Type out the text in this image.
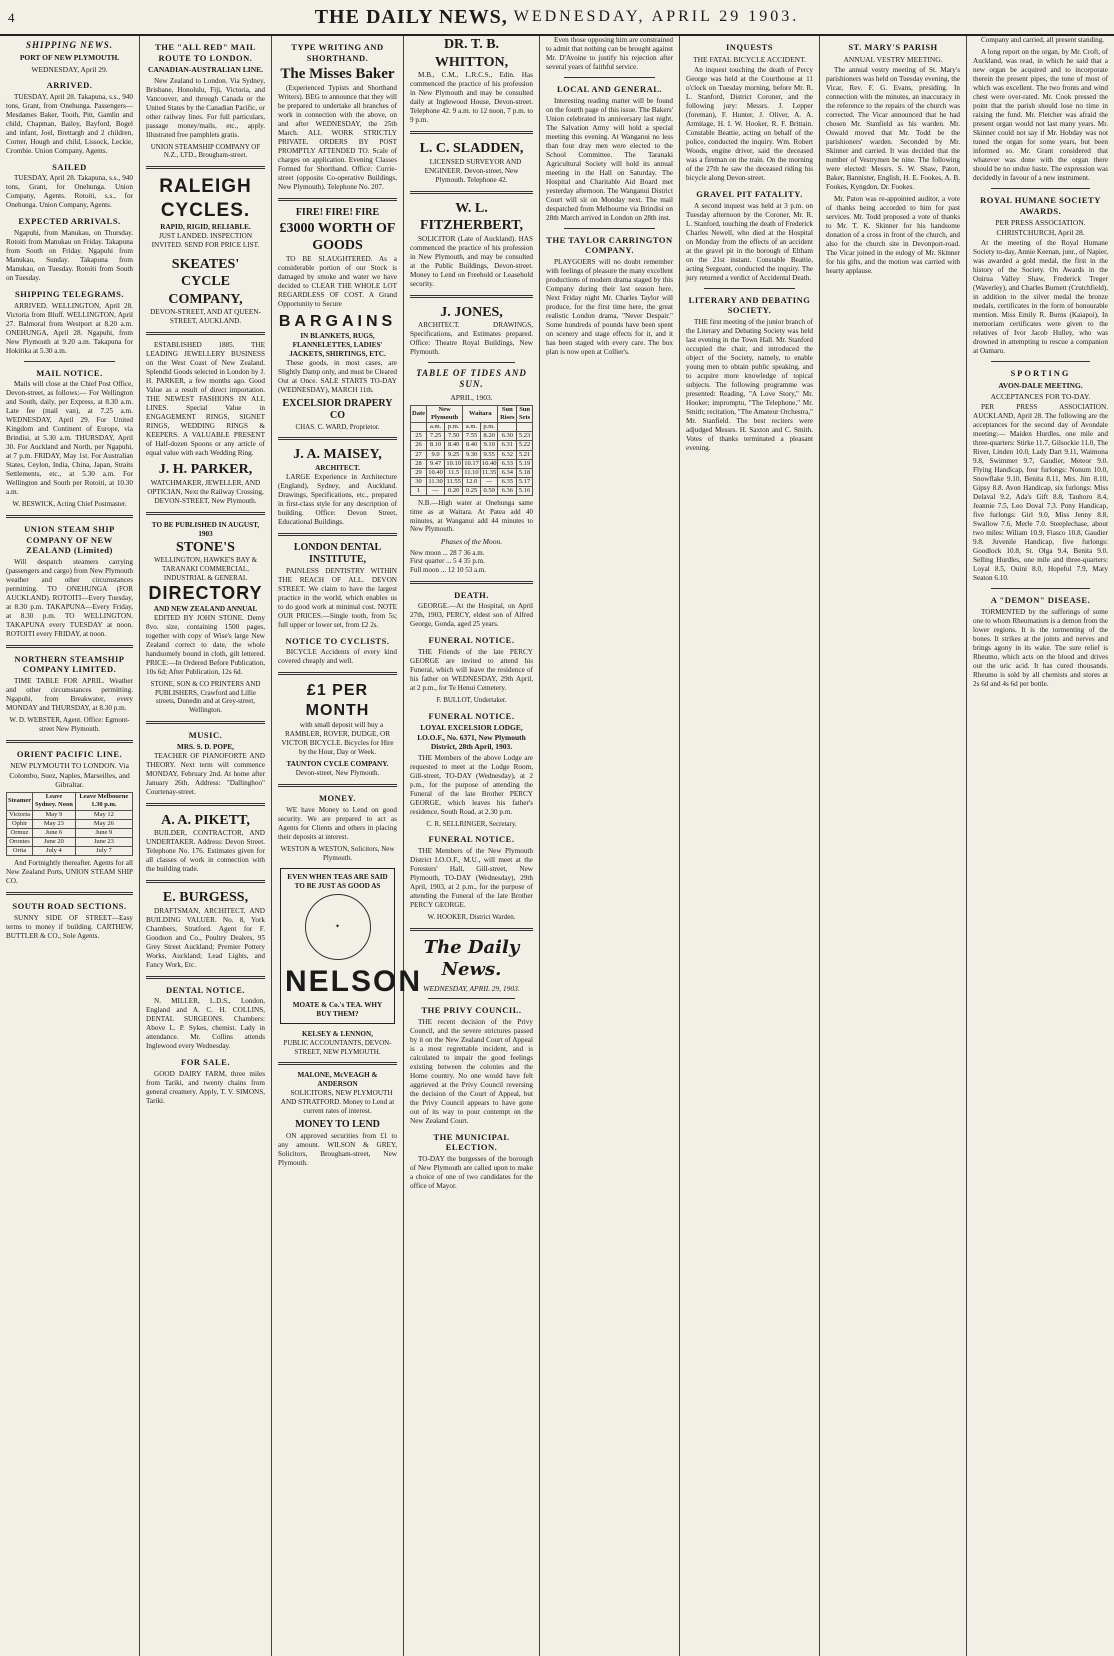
4	THE DAILY NEWS, WEDNESDAY, APRIL 29 1903.
SHIPPING NEWS.
PORT OF NEW PLYMOUTH.
WEDNESDAY, April 29.
ARRIVED.

TUESDAY, April 28. Takapuna, s.s., 940 tons, Grant, from Onehunga. Passengers—Mesdames Baker, Tooth, Pitt, Gamlin and child, Chapman, Bailey, Bayford, Bogel and infant, Joel, Brettargh and 2 children, Corner, Hough and child, Lissock, Leckie, Crombie. Union Company, Agents.

SAILED

TUESDAY, April 28. Takapuna, s.s., 940 tons, Grant, for Onehunga. Union Company, Agents. Rotoiti, s.s., for Onehunga. Union Company, Agents.

EXPECTED ARRIVALS.

Ngapuhi, from Manukau, on Thursday. Rotoiti from Manukau on Friday. Takapuna from South on Friday. Ngapuhi from Manukau, Sunday. Takapuna from Manukau, on Tuesday. Rotoiti from South on Tuesday.

SHIPPING TELEGRAMS.

ARRIVED. WELLINGTON, April 28. Victoria from Bluff. WELLINGTON, April 27. Balmoral from Westport at 8.20 a.m. ONEHUNGA, April 28. Ngapuhi, from New Plymouth at 9.20 a.m. Takapuna for Hokitika at 5.30 a.m.

MAIL NOTICE.

Mails will close at the Chief Post Office, Devon-street, as follows:— For Wellington and South, daily, per Express, at 8.30 a.m. Late fee (mail van), at 7.25 a.m. WEDNESDAY, April 29. For United Kingdom and Continent of Europe, via Brindisi, at 5.30 a.m. THURSDAY, April 30. For Auckland and North, per Ngapuhi, at 7 p.m. FRIDAY, May 1st. For Australian States, Ceylon, India, China, Japan, Straits Settlements, etc., at 5.30 a.m. For Wellington and South per Rotoiti, at 10.30 a.m.

W. BESWICK, Acting Chief Postmaster.
UNION STEAM SHIP COMPANY OF NEW ZEALAND (Limited)

Will despatch steamers carrying (passengers and cargo) from New Plymouth weather and other circumstances permitting. TO ONEHUNGA (FOR AUCKLAND). ROTOITI—Every Tuesday, at 8.30 p.m. TAKAPUNA—Every Friday, at 8.30 p.m. TO WELLINGTON. TAKAPUNA every TUESDAY at noon. ROTOITI every FRIDAY, at noon.

NORTHERN STEAMSHIP COMPANY LIMITED.

TIME TABLE FOR APRIL. Weather and other circumstances permitting. Ngapuhi, from Breakwater, every MONDAY and THURSDAY, at 8.30 p.m.

W. D. WEBSTER, Agent. Office: Egmont-street New Plymouth.
ORIENT PACIFIC LINE.
NEW PLYMOUTH TO LONDON. Via Colombo, Suez, Naples, Marseilles, and Gibraltar.
Steamer	Leave Sydney. Noon	Leave Melbourne 1.30 p.m.
Victoria	May 9	May 12
Ophir	May 23	May 26
Ormuz	June 6	June 9
Orontes	June 20	June 23
Orita	July 4	July 7

And Fortnightly thereafter. Agents for all New Zealand Ports, UNION STEAM SHIP CO.

SOUTH ROAD SECTIONS.

SUNNY SIDE OF STREET—Easy terms to money if building. CARTHEW, BUTTLER & CO., Sole Agents.

THE "ALL RED" MAIL ROUTE TO LONDON.
CANADIAN-AUSTRALIAN LINE.

New Zealand to London. Via Sydney, Brisbane, Honolulu, Fiji, Victoria, and Vancouver, and through Canada or the United States by the Canadian Pacific, or other railway lines. For full particulars, passage money/mails, etc., apply. Illustrated free pamphlets gratis.

UNION STEAMSHIP COMPANY OF N.Z., LTD., Brougham-street.
RALEIGH CYCLES.
RAPID, RIGID, RELIABLE.
JUST LANDED. INSPECTION INVITED. SEND FOR PRICE LIST.
SKEATES' CYCLE COMPANY,
DEVON-STREET, AND AT QUEEN-STREET, AUCKLAND.

ESTABLISHED 1885. THE LEADING JEWELLERY BUSINESS on the West Coast of New Zealand. Splendid Goods selected in London by J. H. PARKER, a few months ago. Good Value as a result of direct importation. THE NEWEST FASHIONS IN ALL LINES. Special Value in ENGAGEMENT RINGS, SIGNET RINGS, WEDDING RINGS & KEEPERS. A VALUABLE PRESENT of Half-dozen Spoons or any article of equal value with each Wedding Ring.

J. H. PARKER,
WATCHMAKER, JEWELLER, AND OPTICIAN, Next the Railway Crossing, DEVON-STREET, New Plymouth.
TO BE PUBLISHED IN AUGUST, 1903
STONE'S
WELLINGTON, HAWKE'S BAY & TARANAKI COMMERCIAL, INDUSTRIAL & GENERAL
DIRECTORY
AND NEW ZEALAND ANNUAL

EDITED BY JOHN STONE. Demy 8vo. size, containing 1500 pages, together with copy of Wise's large New Zealand correct to date, the whole handsomely bound in cloth, gilt lettered. PRICE:—In Ordered Before Publication, 10s 6d; After Publication, 12s 6d.

STONE, SON & CO PRINTERS AND PUBLISHERS, Crawford and Lillie streets, Dunedin and at Grey-street, Wellington.
MUSIC.
MRS. S. D. POPE,

TEACHER OF PIANOFORTE AND THEORY. Next term will commence MONDAY, February 2nd. At home after January 26th. Address: "Dallinghoo" Courtenay-street.

A. A. PIKETT,

BUILDER, CONTRACTOR, AND UNDERTAKER. Address: Devon Street. Telephone No. 176. Estimates given for all classes of work in connection with the building trade.

E. BURGESS,

DRAFTSMAN, ARCHITECT, AND BUILDING VALUER. No. 8, York Chambers, Stratford. Agent for F. Goodson and Co., Poultry Dealers, 95 Grey Street Auckland; Premier Pottery Works, Auckland; Lead Lights, and Fancy Work, Etc.

DENTAL NOTICE.

N. MILLER, L.D.S., London, England and A. C. H. COLLINS, DENTAL SURGEONS. Chambers: Above L. P. Sykes, chemist. Lady in attendance. Mr. Collins attends Inglewood every Wednesday.

FOR SALE.

GOOD DAIRY FARM, three miles from Tariki, and twenty chains from general creamery. Apply, T. V. SIMONS, Tariki.

TYPE WRITING AND SHORTHAND.
The Misses Baker

(Experienced Typists and Shorthand Writers). BEG to announce that they will be prepared to undertake all branches of work in connection with the above, on and after WEDNESDAY, the 25th March. ALL WORK STRICTLY PRIVATE. ORDERS BY POST PROMPTLY ATTENDED TO. Scale of charges on application. Evening Classes Formed for Shorthand. Office: Currie-street (opposite Co-operative Buildings, New Plymouth). Telephone No. 207.

FIRE! FIRE! FIRE
£3000 WORTH OF GOODS

TO BE SLAUGHTERED. As a considerable portion of our Stock is damaged by smoke and water we have decided to CLEAR THE WHOLE LOT REGARDLESS OF COST. A Grand Opportunity to Secure

BARGAINS
IN BLANKETS, RUGS, FLANNELETTES, LADIES' JACKETS, SHIRTINGS, ETC.

These goods, in most cases, are Slightly Damp only, and must be Cleared Out at Once. SALE STARTS TO-DAY (WEDNESDAY), MARCH 11th.

EXCELSIOR DRAPERY CO
CHAS. C. WARD, Proprietor.
J. A. MAISEY,
ARCHITECT.

LARGE Experience in Architecture (England), Sydney, and Auckland. Drawings, Specifications, etc., prepared in first-class style for any description of building. Office: Devon Street, Educational Buildings.

LONDON DENTAL INSTITUTE,

PAINLESS DENTISTRY WITHIN THE REACH OF ALL. DEVON STREET. We claim to have the largest practice in the world, which enables us to do good work at minimal cost. NOTE OUR PRICES.—Single tooth, from 5s; full upper or lower set, from £2 2s.

NOTICE TO CYCLISTS.

BICYCLE Accidents of every kind covered cheaply and well.

£1 PER MONTH

with small deposit will buy a RAMBLER, ROVER, DUDGE, OR VICTOR BICYCLE. Bicycles for Hire by the Hour, Day or Week.

TAUNTON CYCLE COMPANY.
Devon-street, New Plymouth.
MONEY.

WE have Money to Lend on good security. We are prepared to act as Agents for Clients and others in placing their deposits at interest.

WESTON & WESTON, Solicitors, New Plymouth.
EVEN WHEN TEAS ARE SAID TO BE JUST AS GOOD AS
✦
NELSON
MOATE & Co.'s TEA. WHY BUY THEM?
KELSEY & LENNON,
PUBLIC ACCOUNTANTS, DEVON-STREET, NEW PLYMOUTH.
MALONE, McVEAGH & ANDERSON

SOLICITORS, NEW PLYMOUTH AND STRATFORD. Money to Lend at current rates of interest.

MONEY TO LEND

ON approved securities from £1 to any amount. WILSON & GREY, Solicitors, Brougham-street, New Plymouth.

DR. T. B. WHITTON,

M.B., C.M., L.R.C.S., Edin. Has commenced the practice of his profession in New Plymouth and may be consulted daily at Inglewood House, Devon-street. Telephone 42. 9 a.m. to 12 noon, 7 p.m. to 9 p.m.

L. C. SLADDEN,

LICENSED SURVEYOR AND ENGINEER. Devon-street, New Plymouth. Telephone 42.

W. L. FITZHERBERT,

SOLICITOR (Late of Auckland). HAS commenced the practice of his profession in New Plymouth, and may be consulted at the Public Buildings, Devon-street. Money to Lend on Freehold or Leasehold security.

J. JONES,

ARCHITECT. DRAWINGS, Specifications, and Estimates prepared. Office: Theatre Royal Buildings, New Plymouth.

TABLE OF TIDES AND SUN.
APRIL, 1903.
Date	New Plymouth		Waitara		Sun Rises	Sun Sets
	a.m.	p.m.	a.m.	p.m.		
25	7.25	7.50	7.55	8.20	6.30	5.23
26	8.10	8.40	8.40	9.10	6.31	5.22
27	9.0	9.25	9.30	9.55	6.32	5.21
28	9.47	10.10	10.17	10.40	6.33	5.19
29	10.40	11.5	11.10	11.35	6.34	5.18
30	11.30	11.55	12.0	—	6.35	5.17
1	—	0.20	0.25	0.50	6.36	5.16

N.B.—High water at Onehunga same time as at Waitara. At Patea add 40 minutes, at Wanganui add 44 minutes to New Plymouth.

Phases of the Moon.
New moon ... 28 7 36 a.m.
First quarter ... 5 4 35 p.m.
Full moon ... 12 10 53 a.m.
DEATH.

GEORGE.—At the Hospital, on April 27th, 1903, PERCY, eldest son of Alfred George, Gonda, aged 25 years.

FUNERAL NOTICE.

THE Friends of the late PERCY GEORGE are invited to attend his Funeral, which will leave the residence of his father on WEDNESDAY, 29th April, at 2 p.m., for Te Henui Cemetery.

F. BULLOT, Undertaker.
FUNERAL NOTICE.
LOYAL EXCELSIOR LODGE, I.O.O.F., No. 6371, New Plymouth District, 28th April, 1903.

THE Members of the above Lodge are requested to meet at the Lodge Room, Gill-street, TO-DAY (Wednesday), at 2 p.m., for the purpose of attending the Funeral of the late Brother PERCY GEORGE, which leaves his father's residence, South Road, at 2.30 p.m.

C. R. SELLRINGER, Secretary.
FUNERAL NOTICE.

THE Members of the New Plymouth District I.O.O.F., M.U., will meet at the Foresters' Hall, Gill-street, New Plymouth, TO-DAY (Wednesday), 29th April, 1903, at 2 p.m., for the purpose of attending the Funeral of the late Brother PERCY GEORGE.

W. HOOKER, District Warden.
The Daily News.
WEDNESDAY, APRIL 29, 1903.
THE PRIVY COUNCIL.

THE recent decision of the Privy Council, and the severe strictures passed by it on the New Zealand Court of Appeal is a most regrettable incident, and is calculated to impair the good feelings existing between the colonies and the Home country. No one would have felt aggrieved at the Privy Council reversing the decision of the Court of Appeal, but the Privy Council appears to have gone out of its way to pour contempt on the New Zealand Court.

THE MUNICIPAL ELECTION.

TO-DAY the burgesses of the borough of New Plymouth are called upon to make a choice of one of two candidates for the office of Mayor.

Even those opposing him are constrained to admit that nothing can be brought against Mr. D'Avoine to justify his rejection after several years of faithful service.

LOCAL AND GENERAL.

Interesting reading matter will be found on the fourth page of this issue. The Bakers' Union celebrated its anniversary last night. The Salvation Army will hold a special meeting this evening. At Wanganui no less than four dray men were elected to the School Committee. The Taranaki Agricultural Society will hold its annual meeting in the Hall on Saturday. The Hospital and Charitable Aid Board met yesterday afternoon. The Wanganui District Court will sit on Monday next. The mail despatched from Melbourne via Brindisi on 28th March arrived in London on 28th inst.

THE TAYLOR CARRINGTON COMPANY.

PLAYGOERS will no doubt remember with feelings of pleasure the many excellent productions of modern drama staged by this Company during their last season here. Next Friday night Mr. Charles Taylor will produce, for the first time here, the great realistic London drama, "Never Despair." Some hundreds of pounds have been spent on scenery and stage effects for it, and it has been staged with every care. The box plan is now open at Collier's.

INQUESTS
THE FATAL BICYCLE ACCIDENT.

An inquest touching the death of Percy George was held at the Courthouse at 11 o'clock on Tuesday morning, before Mr. R. L. Stanford, District Coroner, and the following jury: Messrs. J. Lepper (foreman), F. Hunter, J. Oliver, A. A. Armitage, H. I. W. Hooker, R. F. Brittain. Constable Beattie, acting on behalf of the police, conducted the inquiry. Wm. Robert Woods, engine driver, said the deceased was a fireman on the train. On the morning of the 27th he saw the deceased riding his bicycle along Devon-street.

GRAVEL PIT FATALITY.

A second inquest was held at 3 p.m. on Tuesday afternoon by the Coroner, Mr. R. L. Stanford, touching the death of Frederick Charles Newell, who died at the Hospital on Monday from the effects of an accident at the gravel pit in the borough of Eltham on the 21st instant. Constable Beattie, acting Sergeant, conducted the inquiry. The jury returned a verdict of Accidental Death.

LITERARY AND DEBATING SOCIETY.

THE first meeting of the junior branch of the Literary and Debating Society was held last evening in the Town Hall. Mr. Stanford occupied the chair, and introduced the object of the Society, namely, to enable young men to obtain public speaking, and to acquire more knowledge of topical subjects. The following programme was presented: Reading, "A Love Story," Mr. Hooker; impromptu, "The Telephone," Mr. Smith; recitation, "The Amateur Orchestra," Mr. Stanfield. The best reciters were adjudged Messrs. H. Saxton and C. Smith. Votes of thanks terminated a pleasant evening.

ST. MARY'S PARISH
ANNUAL VESTRY MEETING.

The annual vestry meeting of St. Mary's parishioners was held on Tuesday evening, the Vicar, Rev. F. G. Evans, presiding. In connection with the minutes, an inaccuracy in the reference to the repairs of the church was corrected. The Vicar announced that he had chosen Mr. Stanfield as his warden. Mr. Oswald moved that Mr. Todd be the parishioners' warden. Seconded by Mr. Skinner and carried. It was decided that the number of Vestrymen be nine. The following were elected: Messrs. S. W. Shaw, Paton, Baker, Bannister, English, H. E. Fookes, A. B. Fookes, Kyngdon, Dr. Fookes.

Mr. Paton was re-appointed auditor, a vote of thanks being accorded to him for past services. Mr. Todd proposed a vote of thanks to Mr. T. K. Skinner for his handsome donation of a cross in front of the church, and also for the church site in Devonport-road. The Vicar joined in the eulogy of Mr. Skinner for his gifts, and the motion was carried with hearty applause.

Company and carried, all present standing.

A long report on the organ, by Mr. Croft, of Auckland, was read, in which he said that a new organ be acquired and to incorporate therein the present pipes, the tone of most of which was excellent. The two fronts and wind chest were over-rated. Mr. Cook pressed the point that the parish should lose no time in raising the fund. Mr. Fletcher was afraid the present organ would not last many years. Mr. Skinner could not say if Mr. Hobday was not tuned the organ for some years, but been informed so. Mr. Grant considered that whatever was done with the organ there should be no undue haste. The expression was decidedly in favour of a new instrument.

ROYAL HUMANE SOCIETY AWARDS.
PER PRESS ASSOCIATION. CHRISTCHURCH, April 28.

At the meeting of the Royal Humane Society to-day, Annie Keenan, junr., of Napier, was awarded a gold medal, the first in the history of the Society. On Awards in the Ouirua Valley Shaw, Frederick Treger (Waverley), and Charles Burnett (Crutchfield), in addition to the silver medal the bronze medals, certificates in the form of honourable mention. Miss Emily R. Burns (Kaiapoi), In memoriam certificates were given to the relatives of Ivor Jacob Hulley, who was drowned in attempting to rescue a companion at Oamaru.

SPORTING
AVON-DALE MEETING.
ACCEPTANCES FOR TO-DAY.

PER PRESS ASSOCIATION. AUCKLAND, April 28. The following are the acceptances for the second day of Avondale meeting:— Maiden Hurdles, one mile and three-quarters: Stirke 11.7, Gilsockie 11.0, The River, Linden 10.0, Lady Dart 9.11, Waimona 9.8, Swimmer 9.7, Gaudier, Meteor 9.0. Flying Handicap, four furlongs: Nonum 10.0, Snowflake 9.10, Benita 8.11, Mrs. Jim 8.10, Gipsy 8.8. Avon Handicap, six furlongs: Miss Delaval 9.2, Ada's Gift 8.8, Tauhoro 8.4, Jeannie 7.5, Leo Doval 7.3. Pony Handicap, five furlongs: Girl 9.0, Miss Jenny 8.8, Swallow 7.6, Merle 7.0. Steeplechase, about two miles: Wiliam 10.9, Fiasco 10.8, Gaudier 9.8. Juvenile Handicap, five furlongs: Goodlock 10.8, St. Olga 9.4, Benita 9.0. Selling Hurdles, one mile and three-quarters: Loyal 8.5, Ouini 8.0, Hopeful 7.9, Mary Seaton 6.10.

A "DEMON" DISEASE.

TORMENTED by the sufferings of some one to whom Rheumatism is a demon from the lower regions. It is the tormenting of the bones. It strikes at the joints and nerves and brings agony in its wake. The sure relief is Rheumo, which acts on the blood and drives out the uric acid. It has cured thousands. Rheumo is sold by all chemists and stores at 2s 6d and 4s 6d per bottle.
